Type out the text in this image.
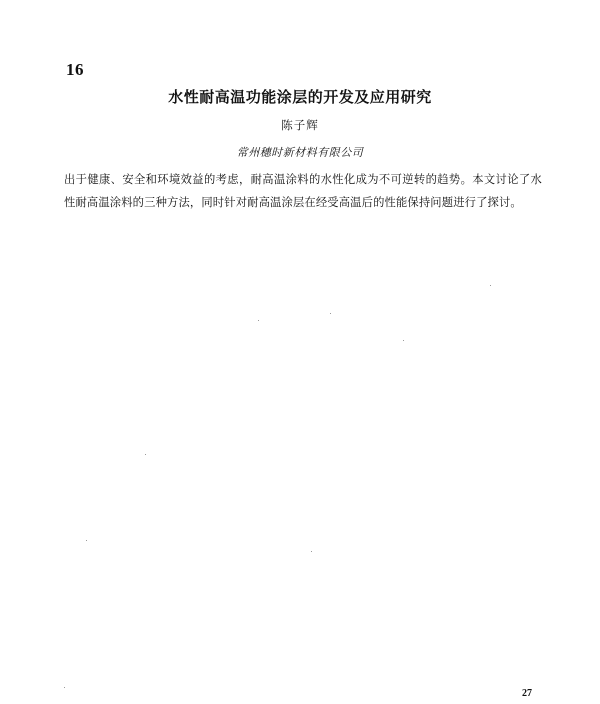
16
水性耐高温功能涂层的开发及应用研究
陈子辉
常州穗时新材料有限公司

出于健康、安全和环境效益的考虑，耐高温涂料的水性化成为不可逆转的趋势。本文讨论了水性耐高温涂料的三种方法，同时针对耐高温涂层在经受高温后的性能保持问题进行了探讨。

27
